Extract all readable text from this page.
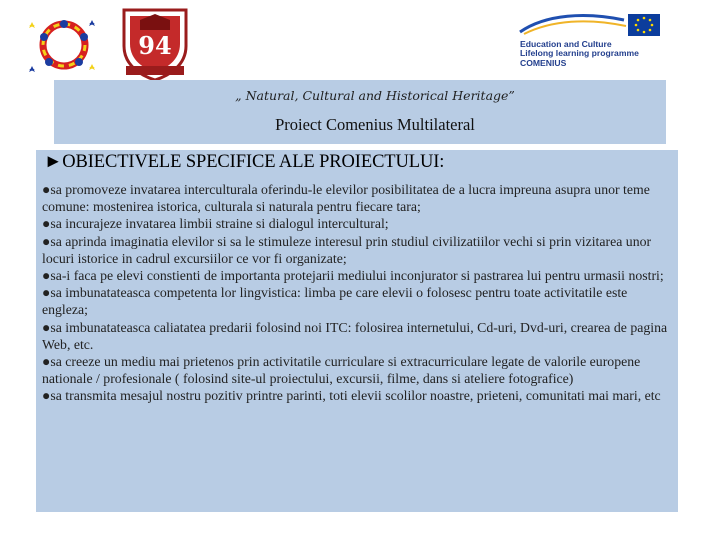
94	Education and Culture
Lifelong learning programme
COMENIUS
„ Natural, Cultural and Historical Heritage”
Proiect Comenius Multilateral
►OBIECTIVELE SPECIFICE ALE PROIECTULUI:

●sa promoveze invatarea interculturala oferindu-le elevilor posibilitatea de a lucra impreuna asupra unor teme comune: mostenirea istorica, culturala si naturala pentru fiecare tara;

●sa incurajeze invatarea limbii straine si dialogul intercultural;

●sa aprinda imaginatia elevilor si sa le stimuleze interesul prin studiul civilizatiilor vechi si prin vizitarea unor locuri istorice in cadrul excursiilor ce vor fi organizate;

●sa-i faca pe elevi constienti de importanta protejarii mediului inconjurator si pastrarea lui pentru urmasii nostri;

●sa imbunatateasca competenta lor lingvistica: limba pe care elevii o folosesc pentru toate activitatile este engleza;

●sa imbunatateasca caliatatea predarii folosind noi ITC: folosirea internetului, Cd-uri, Dvd-uri, crearea de pagina Web, etc.

●sa creeze un mediu mai prietenos prin activitatile curriculare si extracurriculare legate de valorile europene nationale / profesionale ( folosind site-ul proiectului, excursii, filme, dans si ateliere fotografice)

●sa transmita mesajul nostru pozitiv printre parinti, toti elevii scolilor noastre, prieteni, comunitati mai mari, etc
